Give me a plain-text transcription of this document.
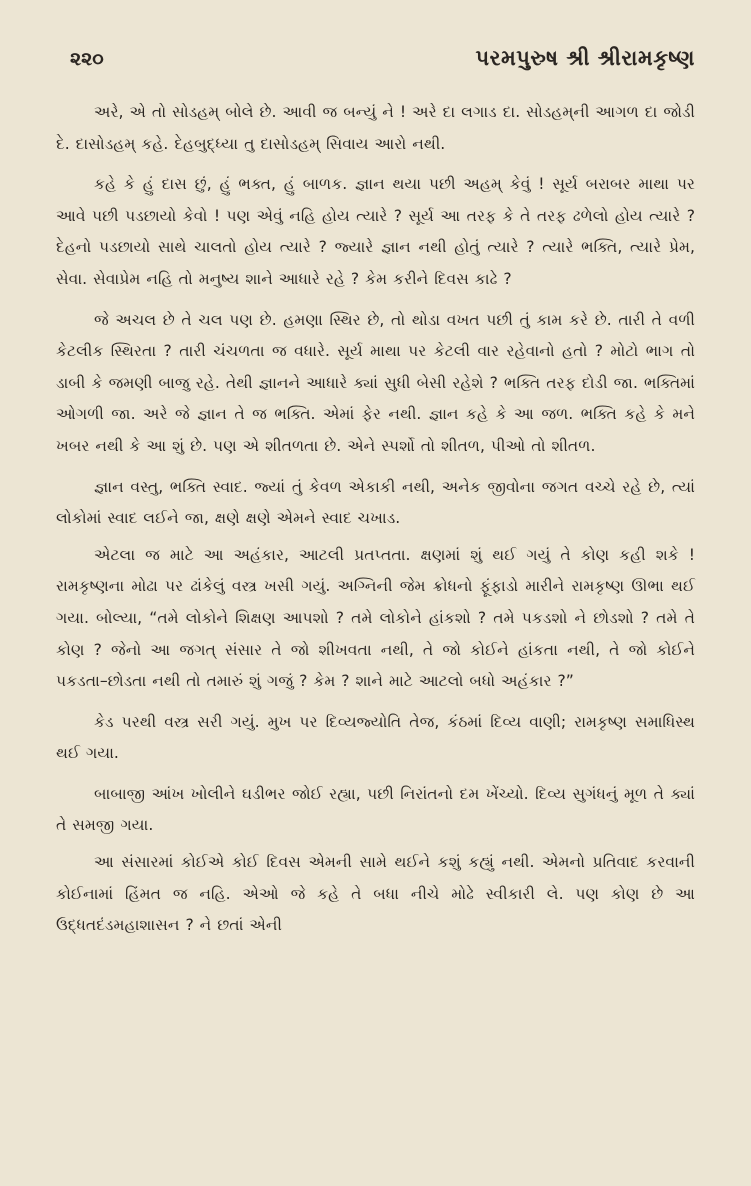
૨૨૦	પરમપુરુષ શ્રી શ્રીરામકૃષ્ણ

અરે, એ તો સોડહમ્ બોલે છે. આવી જ બન્યું ને ! અરે દા લગાડ દા. સોડહમ્‌ની આગળ દા જોડી દે. દાસોડહમ્ કહે. દેહબુદ્ધ્યા તુ દાસોડહમ્ સિવાય આરો નથી.

કહે કે હું દાસ છું, હું ભક્ત, હું બાળક. જ્ઞાન થયા પછી અહમ્ કેવું ! સૂર્ય બરાબર માથા પર આવે પછી પડછાયો કેવો ! પણ એવું નહિ હોય ત્યારે ? સૂર્ય આ તરફ કે તે તરફ ઢળેલો હોય ત્યારે ? દેહનો પડછાયો સાથે ચાલતો હોય ત્યારે ? જ્યારે જ્ઞાન નથી હોતું ત્યારે ? ત્યારે ભક્તિ, ત્યારે પ્રેમ, સેવા. સેવાપ્રેમ નહિ તો મનુષ્ય શાને આધારે રહે ? કેમ કરીને દિવસ કાઢે ?

જે અચલ છે તે ચલ પણ છે. હમણા સ્થિર છે, તો થોડા વખત પછી તું કામ કરે છે. તારી તે વળી કેટલીક સ્થિરતા ? તારી ચંચળતા જ વધારે. સૂર્ય માથા પર કેટલી વાર રહેવાનો હતો ? મોટો ભાગ તો ડાબી કે જમણી બાજુ રહે. તેથી જ્ઞાનને આધારે ક્યાં સુધી બેસી રહેશે ? ભક્તિ તરફ દોડી જા. ભક્તિમાં ઓગળી જા. અરે જે જ્ઞાન તે જ ભક્તિ. એમાં ફેર નથી. જ્ઞાન કહે કે આ જળ. ભક્તિ કહે કે મને ખબર નથી કે આ શું છે. પણ એ શીતળતા છે. એને સ્પર્શો તો શીતળ, પીઓ તો શીતળ.

જ્ઞાન વસ્તુ, ભક્તિ સ્વાદ. જ્યાં તું કેવળ એકાકી નથી, અનેક જીવોના જગત વચ્ચે રહે છે, ત્યાં લોકોમાં સ્વાદ લઈને જા, ક્ષણે ક્ષણે એમને સ્વાદ ચખાડ.

એટલા જ માટે આ અહંકાર, આટલી પ્રતપ્તતા. ક્ષણમાં શું થઈ ગયું તે કોણ કહી શકે ! રામકૃષ્ણના મોઢા પર ઢાંકેલું વસ્ત્ર ખસી ગયું. અગ્નિની જેમ ક્રોધનો ફૂંફાડો મારીને રામકૃષ્ણ ઊભા થઈ ગયા. બોલ્યા, “તમે લોકોને શિક્ષણ આપશો ? તમે લોકોને હાંકશો ? તમે પકડશો ને છોડશો ? તમે તે કોણ ? જેનો આ જગત્ સંસાર તે જો શીખવતા નથી, તે જો કોઈને હાંકતા નથી, તે જો કોઈને પકડતા–છોડતા નથી તો તમારું શું ગજું ? કેમ ? શાને માટે આટલો બધો અહંકાર ?”

કેડ પરથી વસ્ત્ર સરી ગયું. મુખ પર દિવ્યજ્યોતિ તેજ, કંઠમાં દિવ્ય વાણી; રામકૃષ્ણ સમાધિસ્થ થઈ ગયા.

બાબાજી આંખ ખોલીને ઘડીભર જોઈ રહ્યા, પછી નિરાંતનો દમ ખેંચ્યો. દિવ્ય સુગંધનું મૂળ તે ક્યાં તે સમજી ગયા.

આ સંસારમાં કોઈએ કોઈ દિવસ એમની સામે થઈને કશું કહ્યું નથી. એમનો પ્રતિવાદ કરવાની કોઈનામાં હિંમત જ નહિ. એઓ જે કહે તે બધા નીચે મોઢે સ્વીકારી લે. પણ કોણ છે આ ઉદ્ધતદંડમહાશાસન ? ને છતાં એની
